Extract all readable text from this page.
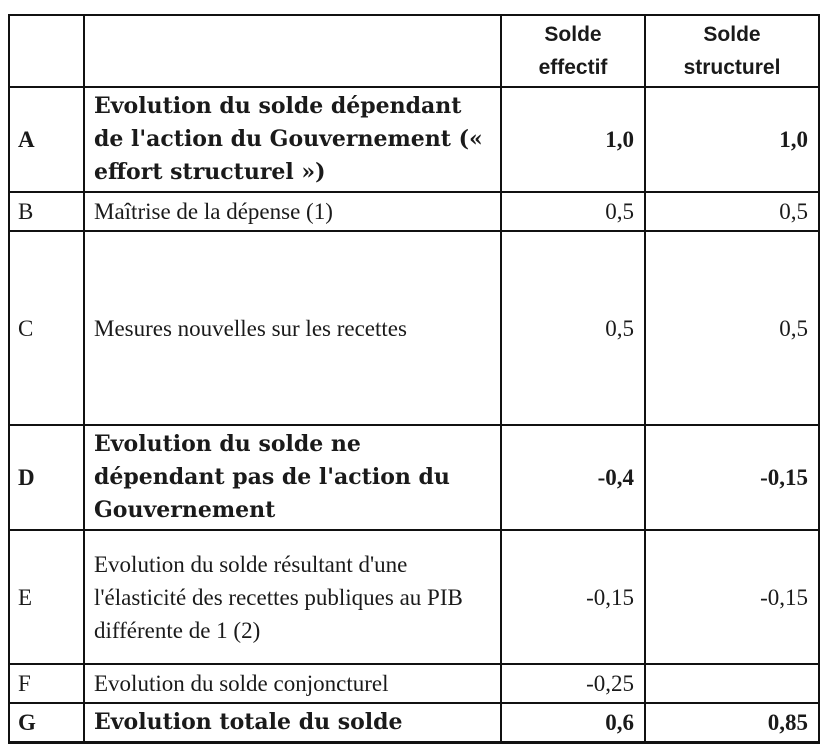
		Solde effectif	Solde structurel
A	Evolution du solde dépendant de l'action du Gouvernement (« effort structurel »)	1,0	1,0
B	Maîtrise de la dépense (1)	0,5	0,5
C	Mesures nouvelles sur les recettes	0,5	0,5
D	Evolution du solde ne dépendant pas de l'action du Gouvernement	-0,4	-0,15
E	Evolution du solde résultant d'une l'élasticité des recettes publiques au PIB différente de 1 (2)	-0,15	-0,15
F	Evolution du solde conjoncturel	-0,25	
G	Evolution totale du solde	0,6	0,85
